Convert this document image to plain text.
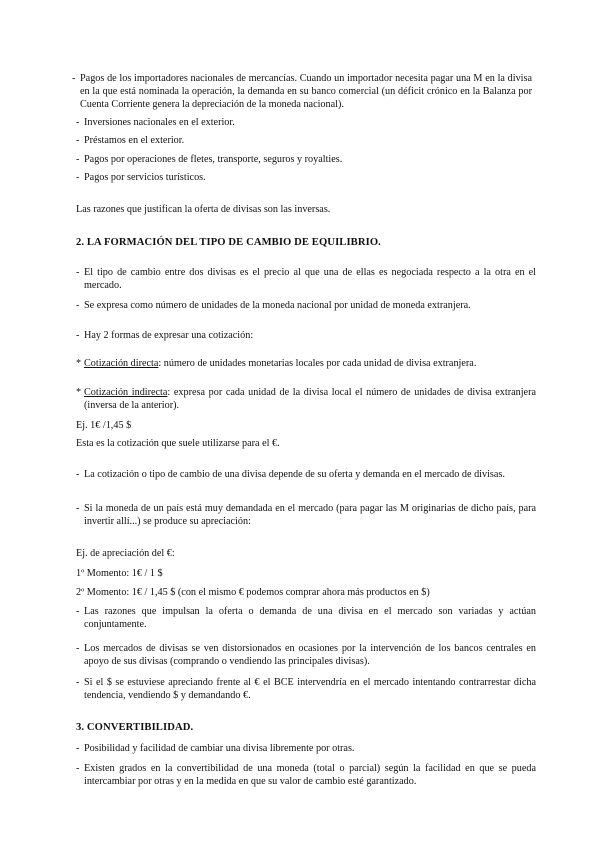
- Pagos de los importadores nacionales de mercancías. Cuando un importador necesita pagar una M en la divisa en la que está nominada la operación, la demanda en su banco comercial (un déficit crónico en la Balanza por Cuenta Corriente genera la depreciación de la moneda nacional).
- Inversiones nacionales en el exterior.
- Préstamos en el exterior.
- Pagos por operaciones de fletes, transporte, seguros y royalties.
- Pagos por servicios turísticos.

Las razones que justifican la oferta de divisas son las inversas.

2. LA FORMACIÓN DEL TIPO DE CAMBIO DE EQUILIBRIO.
- El tipo de cambio entre dos divisas es el precio al que una de ellas es negociada respecto a la otra en el mercado.
- Se expresa como número de unidades de la moneda nacional por unidad de moneda extranjera.
- Hay 2 formas de expresar una cotización:
* Cotización directa: número de unidades monetarias locales por cada unidad de divisa extranjera.
* Cotización indirecta: expresa por cada unidad de la divisa local el número de unidades de divisa extranjera (inversa de la anterior).

Ej. 1€ /1,45 $

Esta es la cotización que suele utilizarse para el €.

- La cotización o tipo de cambio de una divisa depende de su oferta y demanda en el mercado de divisas.
- Si la moneda de un país está muy demandada en el mercado (para pagar las M originarias de dicho país, para invertir allí...) se produce su apreciación:

Ej. de apreciación del €:

1º Momento: 1€ / 1 $

2º Momento: 1€ / 1,45 $ (con el mismo € podemos comprar ahora más productos en $)

- Las razones que impulsan la oferta o demanda de una divisa en el mercado son variadas y actúan conjuntamente.
- Los mercados de divisas se ven distorsionados en ocasiones por la intervención de los bancos centrales en apoyo de sus divisas (comprando o vendiendo las principales divisas).
- Si el $ se estuviese apreciando frente al € el BCE intervendría en el mercado intentando contrarrestar dicha tendencia, vendiendo $ y demandando €.
3. CONVERTIBILIDAD.
- Posibilidad y facilidad de cambiar una divisa libremente por otras.
- Existen grados en la convertibilidad de una moneda (total o parcial) según la facilidad en que se pueda intercambiar por otras y en la medida en que su valor de cambio esté garantizado.
